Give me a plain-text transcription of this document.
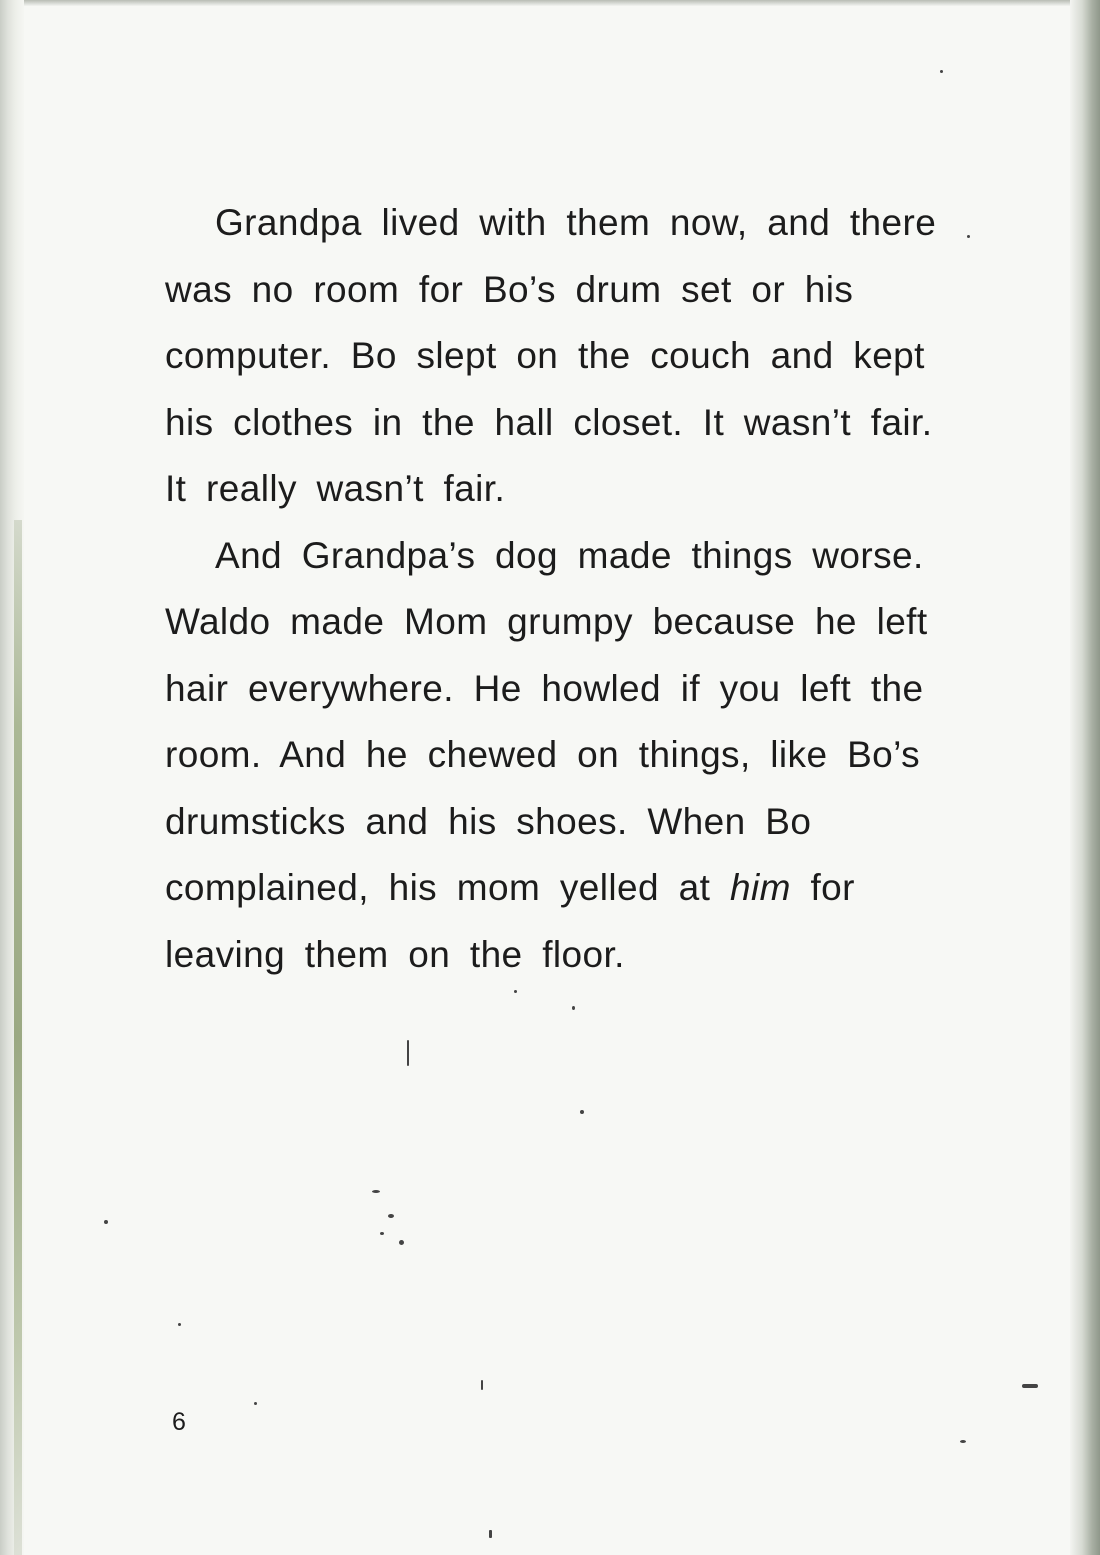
Grandpa lived with them now, and there was no room for Bo’s drum set or his computer. Bo slept on the couch and kept his clothes in the hall closet. It wasn’t fair. It really wasn’t fair.

And Grandpa’s dog made things worse. Waldo made Mom grumpy because he left hair everywhere. He howled if you left the room. And he chewed on things, like Bo’s drumsticks and his shoes. When Bo complained, his mom yelled at him for leaving them on the floor.

6
